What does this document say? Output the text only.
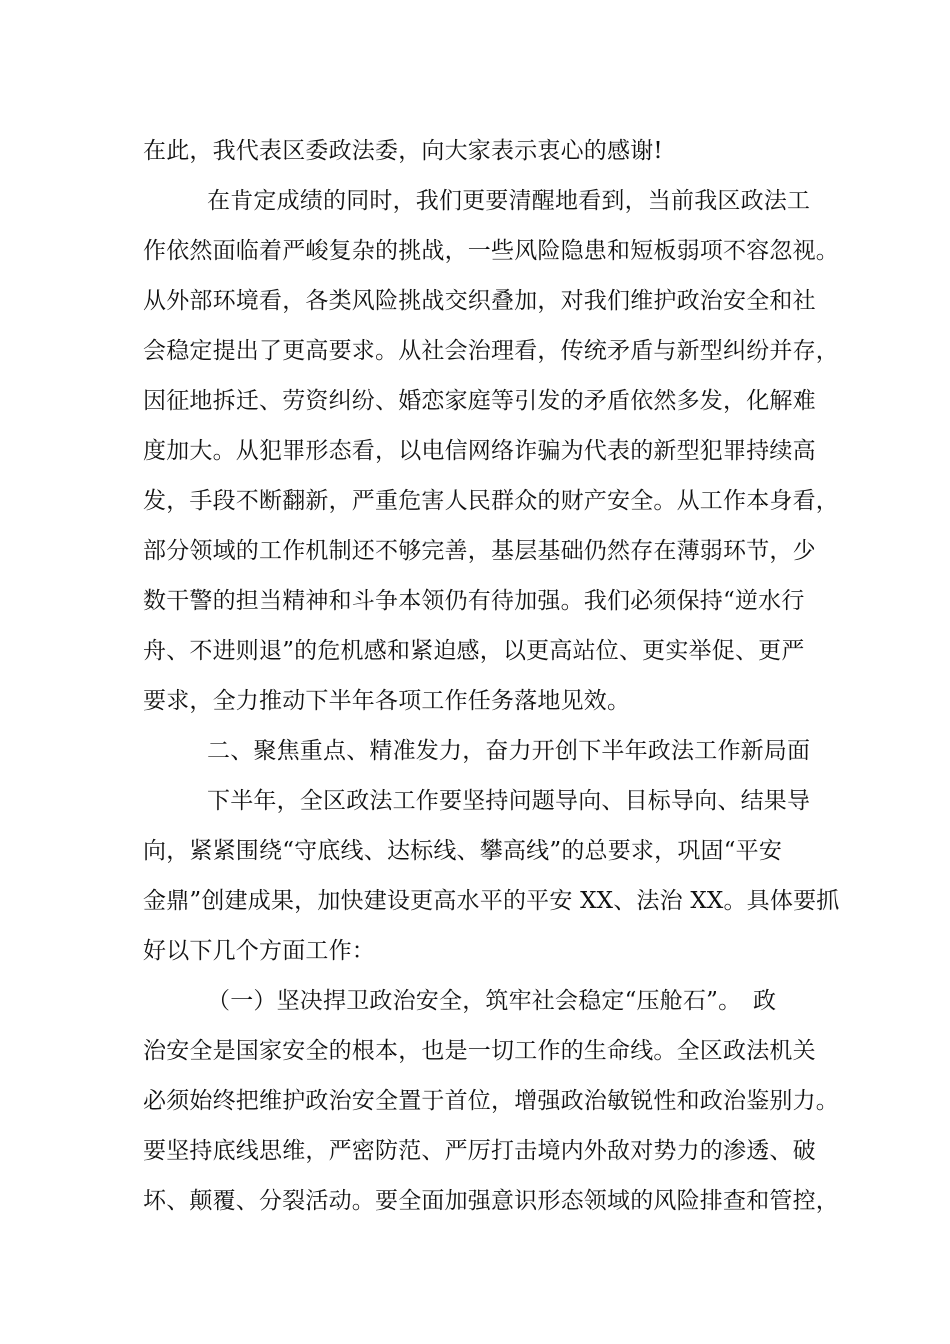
在此，我代表区委政法委，向大家表示衷心的感谢!
在肯定成绩的同时，我们更要清醒地看到，当前我区政法工
作依然面临着严峻复杂的挑战，一些风险隐患和短板弱项不容忽视。
从外部环境看，各类风险挑战交织叠加，对我们维护政治安全和社
会稳定提出了更高要求。从社会治理看，传统矛盾与新型纠纷并存，
因征地拆迁、劳资纠纷、婚恋家庭等引发的矛盾依然多发，化解难
度加大。从犯罪形态看，以电信网络诈骗为代表的新型犯罪持续高
发，手段不断翻新，严重危害人民群众的财产安全。从工作本身看，
部分领域的工作机制还不够完善，基层基础仍然存在薄弱环节，少
数干警的担当精神和斗争本领仍有待加强。我们必须保持“逆水行
舟、不进则退”的危机感和紧迫感，以更高站位、更实举促、更严
要求，全力推动下半年各项工作任务落地见效。
二、聚焦重点、精准发力，奋力开创下半年政法工作新局面
下半年，全区政法工作要坚持问题导向、目标导向、结果导
向，紧紧围绕“守底线、达标线、攀高线”的总要求，巩固“平安
金鼎”创建成果，加快建设更高水平的平安 XX、法治 XX。具体要抓
好以下几个方面工作：
（一）坚决捍卫政治安全，筑牢社会稳定“压舱石”。　政
治安全是国家安全的根本，也是一切工作的生命线。全区政法机关
必须始终把维护政治安全置于首位，增强政治敏锐性和政治鉴别力。
要坚持底线思维，严密防范、严厉打击境内外敌对势力的渗透、破
坏、颠覆、分裂活动。要全面加强意识形态领域的风险排查和管控，
